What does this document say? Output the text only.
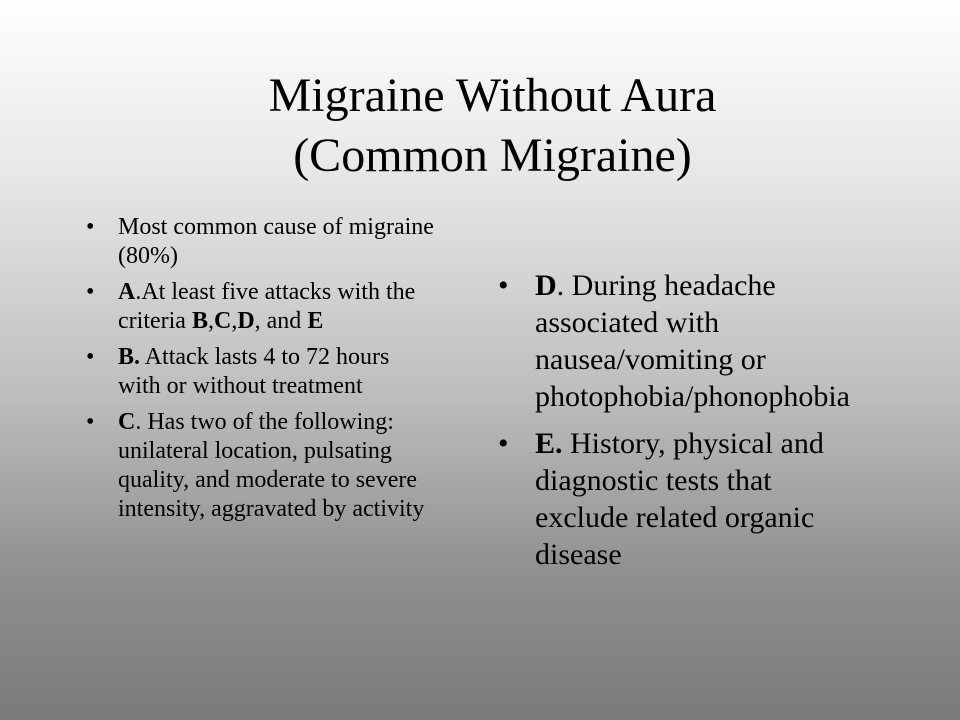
Migraine Without Aura
(Common Migraine)
• Most common cause of migraine (80%)
• A.At least five attacks with the criteria B,C,D, and E
• B. Attack lasts 4 to 72 hours with or without treatment
• C. Has two of the following: unilateral location, pulsating quality, and moderate to severe intensity, aggravated by activity
• D. During headache associated with nausea/vomiting or photophobia/phonophobia
• E. History, physical and diagnostic tests that exclude related organic disease
